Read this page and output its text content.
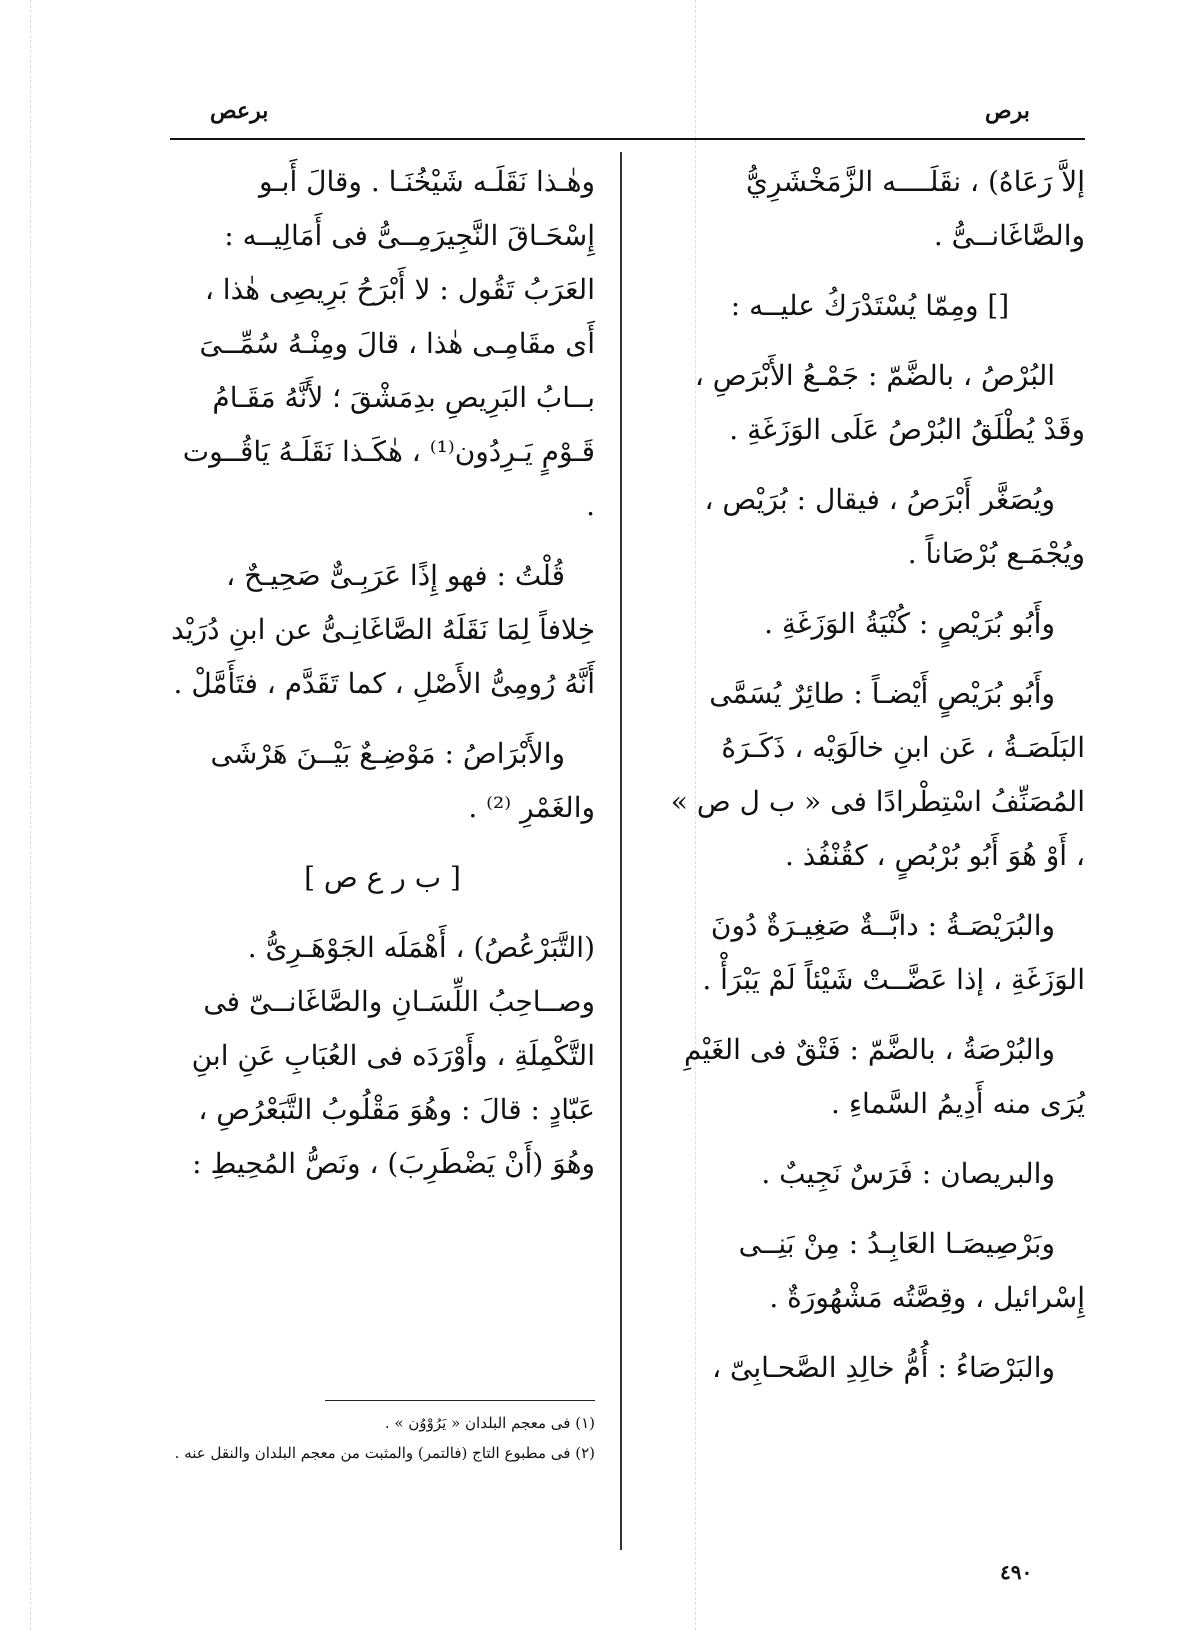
برص
برعص

إلاَّ رَعَاهُ) ، نقَلَــــه الزَّمَخْشَرِيُّ والصَّاغَانــىُّ .

[] ومِمّا يُسْتَدْرَكُ عليــه :

البُرْصُ ، بالضَّمّ : جَمْـعُ الأَبْرَصِ ، وقَدْ يُطْلَقُ البُرْصُ عَلَى الوَزَغَةِ .

ويُصَغَّر أَبْرَصُ ، فيقال : بُرَيْص ، ويُجْمَـع بُرْصَاناً .

وأَبُو بُرَيْصٍ : كُنْيَةُ الوَزَغَةِ .

وأَبُو بُرَيْصٍ أَيْضـاً : طائِرٌ يُسَمَّى البَلَصَـةُ ، عَن ابنِ خالَوَيْه ، ذَكَـرَهُ المُصَنِّفُ اسْتِطْرادًا فى « ب ل ص » ، أَوْ هُوَ أَبُو بُرْبُصٍ ، كقُنْفُذ .

والبُرَيْصَـةُ : دابَّــةٌ صَغِيـرَةٌ دُونَ الوَزَغَةِ ، إذا عَضَّــتْ شَيْئاً لَمْ يَبْرَأْ .

والبُرْصَةُ ، بالضَّمّ : فَتْقٌ فى الغَيْمِ يُرَى منه أَدِيمُ السَّماءِ .

والبريصان : فَرَسٌ نَجِيبٌ .

وبَرْصِيصَـا العَابِـدُ : مِنْ بَنِــى إِسْرائيل ، وقِصَّتُه مَشْهُورَةٌ .

والبَرْصَاءُ : أُمُّ خالِدِ الصَّحـابِىّ ،

وهٰـذا نَقَلَـه شَيْخُنَـا . وقالَ أَبـو إِسْحَـاقَ النَّجِيرَمِــىُّ فى أَمَالِيــه : العَرَبُ تَقُول : لا أَبْرَحُ بَرِيصِى هٰذا ، أَى مقَامِـى هٰذا ، قالَ ومِنْـهُ سُمِّــىَ بــابُ البَرِيصِ بدِمَشْقَ ؛ لأَنَّهُ مَقَـامُ قَـوْمٍ يَـرِدُون⁽¹⁾ ، هٰكَـذا نَقَلَـهُ يَاقُــوت .

قُلْتُ : فهو إِذًا عَرَبِـىٌّ صَحِيـحٌ ، خِلافاً لِمَا نَقَلَهُ الصَّاغَانِـىُّ عن ابنِ دُرَيْد أَنَّهُ رُومِىُّ الأَصْلِ ، كما تَقَدَّم ، فتَأَمَّلْ .

والأَبْرَاصُ : مَوْضِـعٌ بَيْــنَ هَرْشَى والغَمْرِ ⁽²⁾ .

[ ب ر ع ص ]

(التَّبَرْعُصُ) ، أَهْمَلَه الجَوْهَـرِىُّ . وصــاحِبُ اللِّسَـانِ والصَّاغَانــىّ فى التَّكْمِلَةِ ، وأَوْرَدَه فى العُبَابِ عَنِ ابنِ عَبّادٍ : قالَ : وهُوَ مَقْلُوبُ التَّبَعْرُصِ ، وهُوَ (أَنْ يَضْطَرِبَ) ، ونَصُّ المُحِيطِ :

(١) فى معجم البلدان « يَرُوْوُن » .
(٢) فى مطبوع التاج (فالتمر) والمثبت من معجم البلدان والنقل عنه .
٤٩٠
